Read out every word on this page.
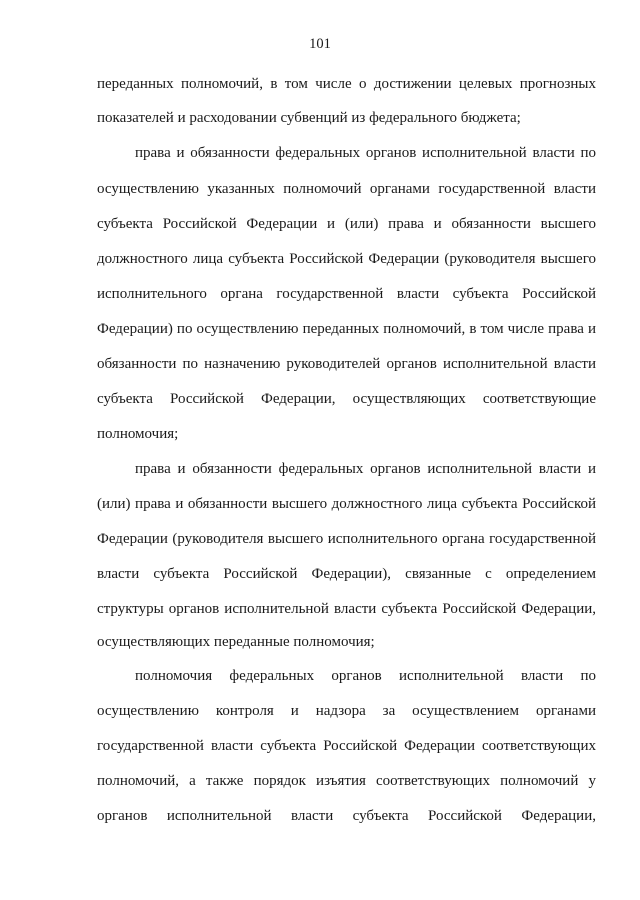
101
переданных полномочий, в том числе о достижении целевых прогнозных
показателей и расходовании субвенций из федерального бюджета;
права и обязанности федеральных органов исполнительной власти по
осуществлению указанных полномочий органами государственной власти
субъекта Российской Федерации и (или) права и обязанности высшего
должностного лица субъекта Российской Федерации (руководителя высшего
исполнительного органа государственной власти субъекта Российской
Федерации) по осуществлению переданных полномочий, в том числе права и
обязанности по назначению руководителей органов исполнительной власти
субъекта Российской Федерации, осуществляющих соответствующие
полномочия;
права и обязанности федеральных органов исполнительной власти и
(или) права и обязанности высшего должностного лица субъекта Российской
Федерации (руководителя высшего исполнительного органа государственной
власти субъекта Российской Федерации), связанные с определением
структуры органов исполнительной власти субъекта Российской Федерации,
осуществляющих переданные полномочия;
полномочия федеральных органов исполнительной власти по
осуществлению контроля и надзора за осуществлением органами
государственной власти субъекта Российской Федерации соответствующих
полномочий, а также порядок изъятия соответствующих полномочий у
органов исполнительной власти субъекта Российской Федерации,
